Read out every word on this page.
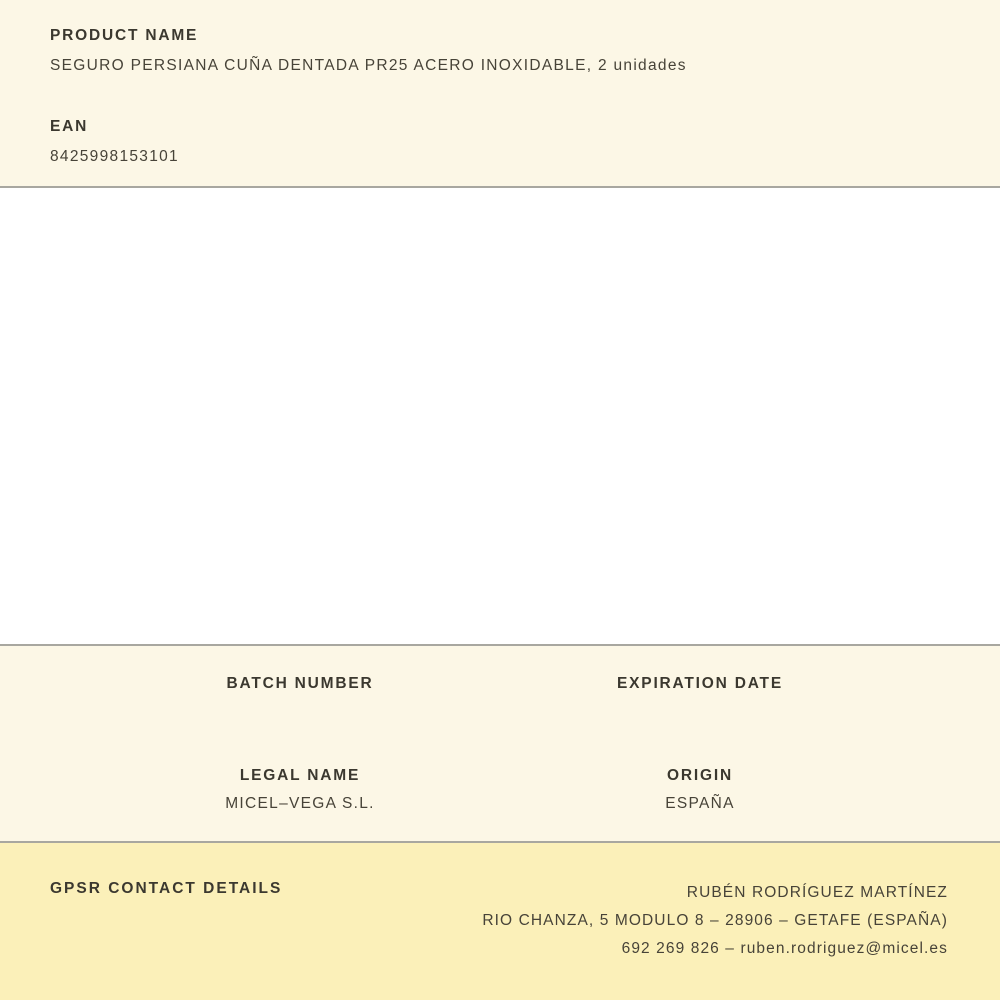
PRODUCT NAME
SEGURO PERSIANA CUÑA DENTADA PR25 ACERO INOXIDABLE, 2 unidades
EAN
8425998153101
BATCH NUMBER	EXPIRATION DATE
LEGAL NAME
MICEL–VEGA S.L.
ORIGIN
ESPAÑA
GPSR CONTACT DETAILS	RUBÉN RODRÍGUEZ MARTÍNEZ
RIO CHANZA, 5 MODULO 8 – 28906 – GETAFE (ESPAÑA)
692 269 826 – ruben.rodriguez@micel.es
